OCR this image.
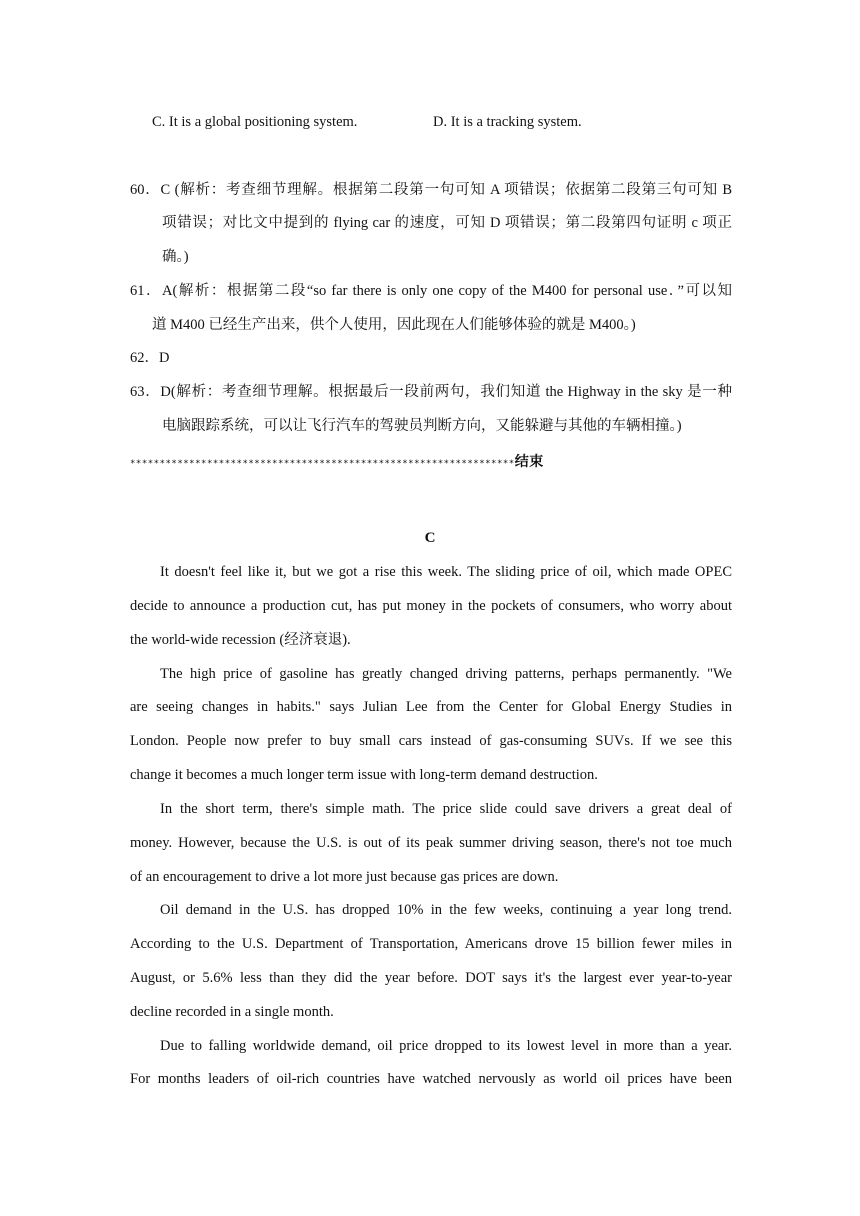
C. It is a global positioning system.	D. It is a tracking system.
60．C (解析：考查细节理解。根据第二段第一句可知 A 项错误；依据第二段第三句可知 B
项错误；对比文中提到的 flying car 的速度，可知 D 项错误；第二段第四句证明 c 项正
确。)
61．A(解析：根据第二段“so far there is only one copy of the M400 for personal use．”可以知
道 M400 已经生产出来，供个人使用，因此现在人们能够体验的就是 M400。)
62．D
63．D(解析：考查细节理解。根据最后一段前两句，我们知道 the Highway in the sky 是一种
电脑跟踪系统，可以让飞行汽车的驾驶员判断方向，又能躲避与其他的车辆相撞。)
*****************************************************************结束
C
It doesn't feel like it, but we got a rise this week. The sliding price of oil, which made OPEC
decide to announce a production cut, has put money in the pockets of consumers, who worry about
the world-wide recession (经济衰退).
The high price of gasoline has greatly changed driving patterns, perhaps permanently. "We
are seeing changes in habits." says Julian Lee from the Center for Global Energy Studies in
London. People now prefer to buy small cars instead of gas-consuming SUVs. If we see this
change it becomes a much longer term issue with long-term demand destruction.
In the short term, there's simple math. The price slide could save drivers a great deal of
money. However, because the U.S. is out of its peak summer driving season, there's not toe much
of an encouragement to drive a lot more just because gas prices are down.
Oil demand in the U.S. has dropped 10% in the few weeks, continuing a year long trend.
According to the U.S. Department of Transportation, Americans drove 15 billion fewer miles in
August, or 5.6% less than they did the year before. DOT says it's the largest ever year-to-year
decline recorded in a single month.
Due to falling worldwide demand, oil price dropped to its lowest level in more than a year.
For months leaders of oil-rich countries have watched nervously as world oil prices have been
